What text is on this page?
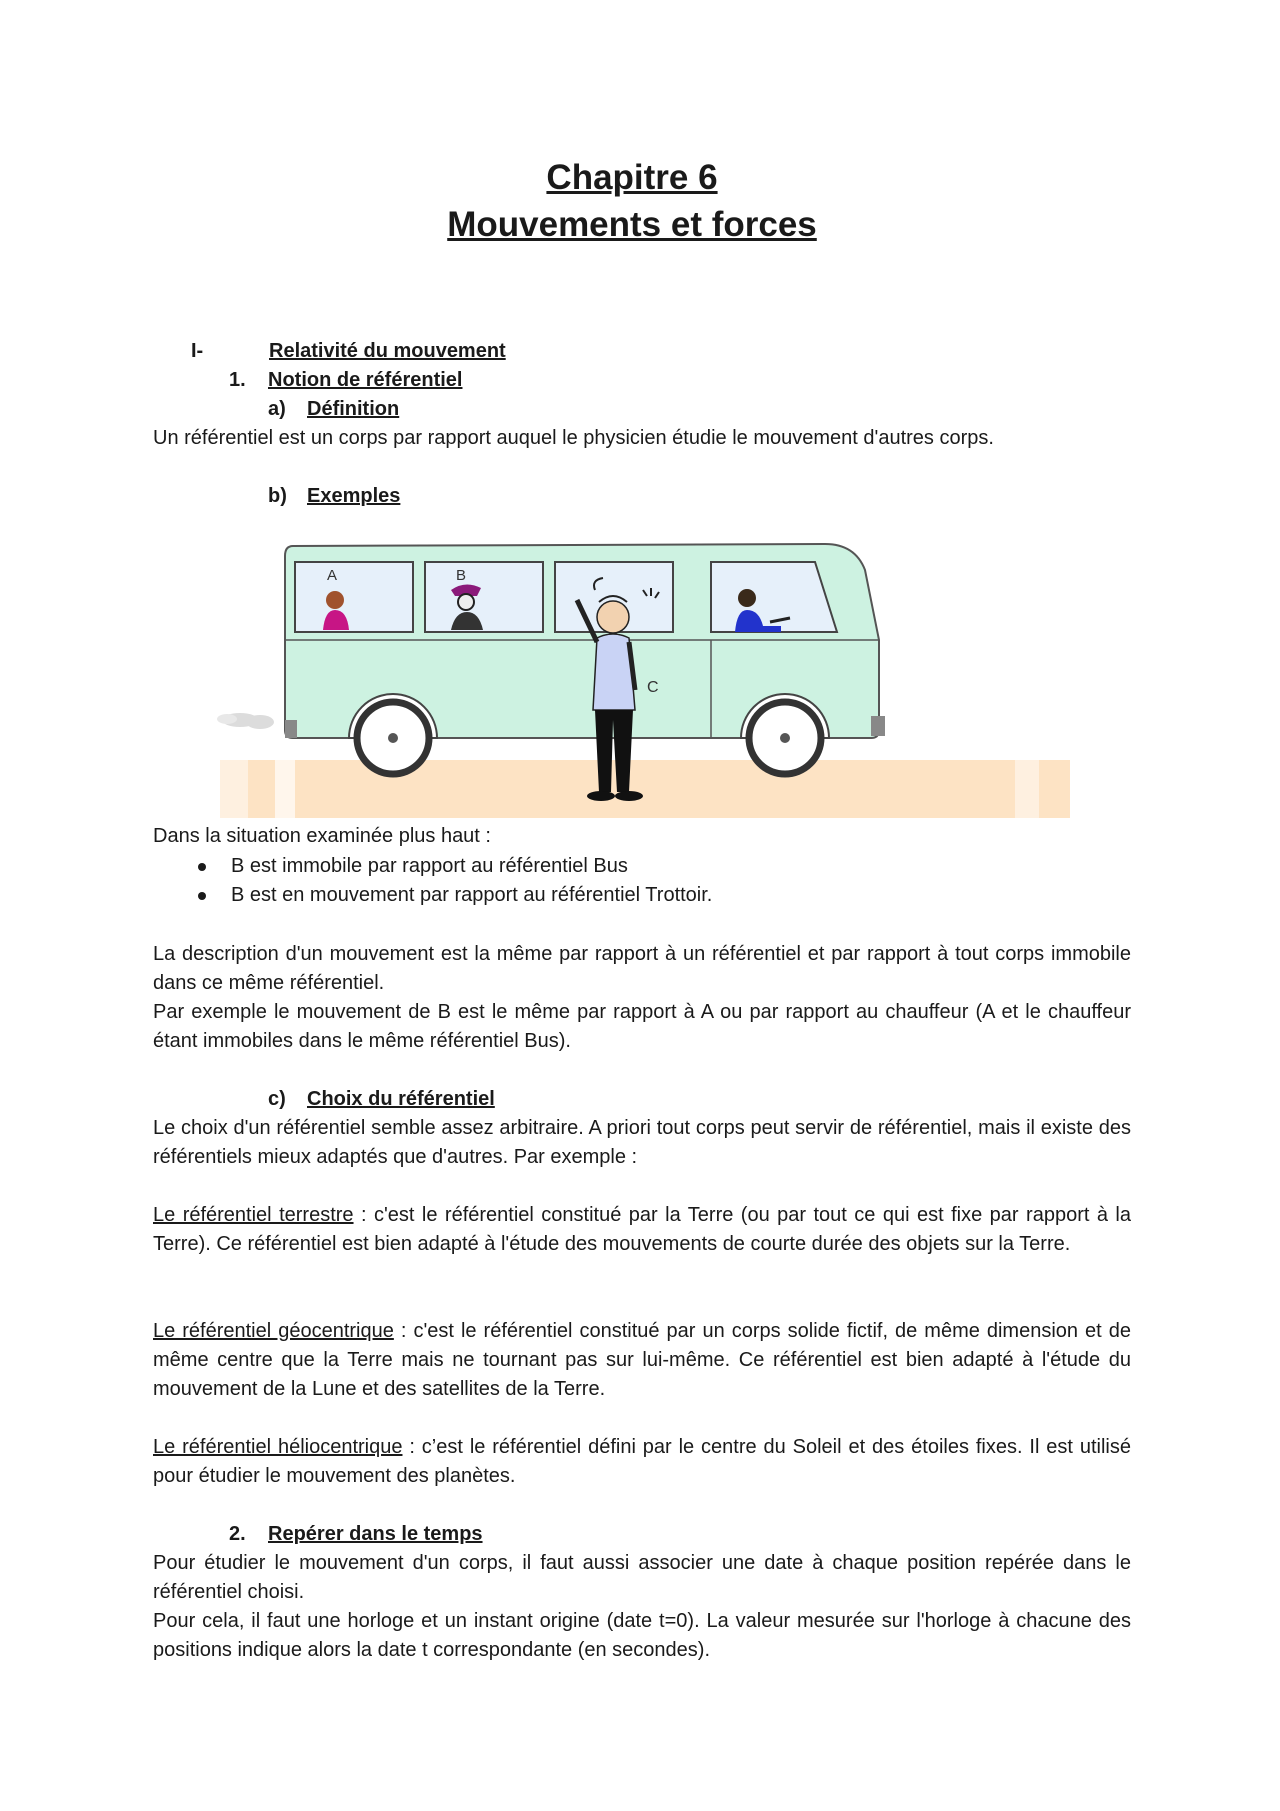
Chapitre 6
Mouvements et forces
I-	Relativité du mouvement
1. Notion de référentiel
a) Définition
Un référentiel est un corps par rapport auquel le physicien étudie le mouvement d'autres corps.
b) Exemples
A	B
C
Dans la situation examinée plus haut :
B est immobile par rapport au référentiel Bus
B est en mouvement par rapport au référentiel Trottoir.

La description d'un mouvement est la même par rapport à un référentiel et par rapport à tout corps immobile dans ce même référentiel.

Par exemple le mouvement de B est le même par rapport à A ou par rapport au chauffeur (A et le chauffeur étant immobiles dans le même référentiel Bus).

c) Choix du référentiel
Le choix d'un référentiel semble assez arbitraire. A priori tout corps peut servir de référentiel, mais il existe des référentiels mieux adaptés que d'autres. Par exemple :
Le référentiel terrestre : c'est le référentiel constitué par la Terre (ou par tout ce qui est fixe par rapport à la Terre). Ce référentiel est bien adapté à l'étude des mouvements de courte durée des objets sur la Terre.
Le référentiel géocentrique : c'est le référentiel constitué par un corps solide fictif, de même dimension et de même centre que la Terre mais ne tournant pas sur lui-même. Ce référentiel est bien adapté à l'étude du mouvement de la Lune et des satellites de la Terre.
Le référentiel héliocentrique : c’est le référentiel défini par le centre du Soleil et des étoiles fixes. Il est utilisé pour étudier le mouvement des planètes.
2. Repérer dans le temps

Pour étudier le mouvement d'un corps, il faut aussi associer une date à chaque position repérée dans le référentiel choisi.

Pour cela, il faut une horloge et un instant origine (date t=0). La valeur mesurée sur l'horloge à chacune des positions indique alors la date t correspondante (en secondes).
